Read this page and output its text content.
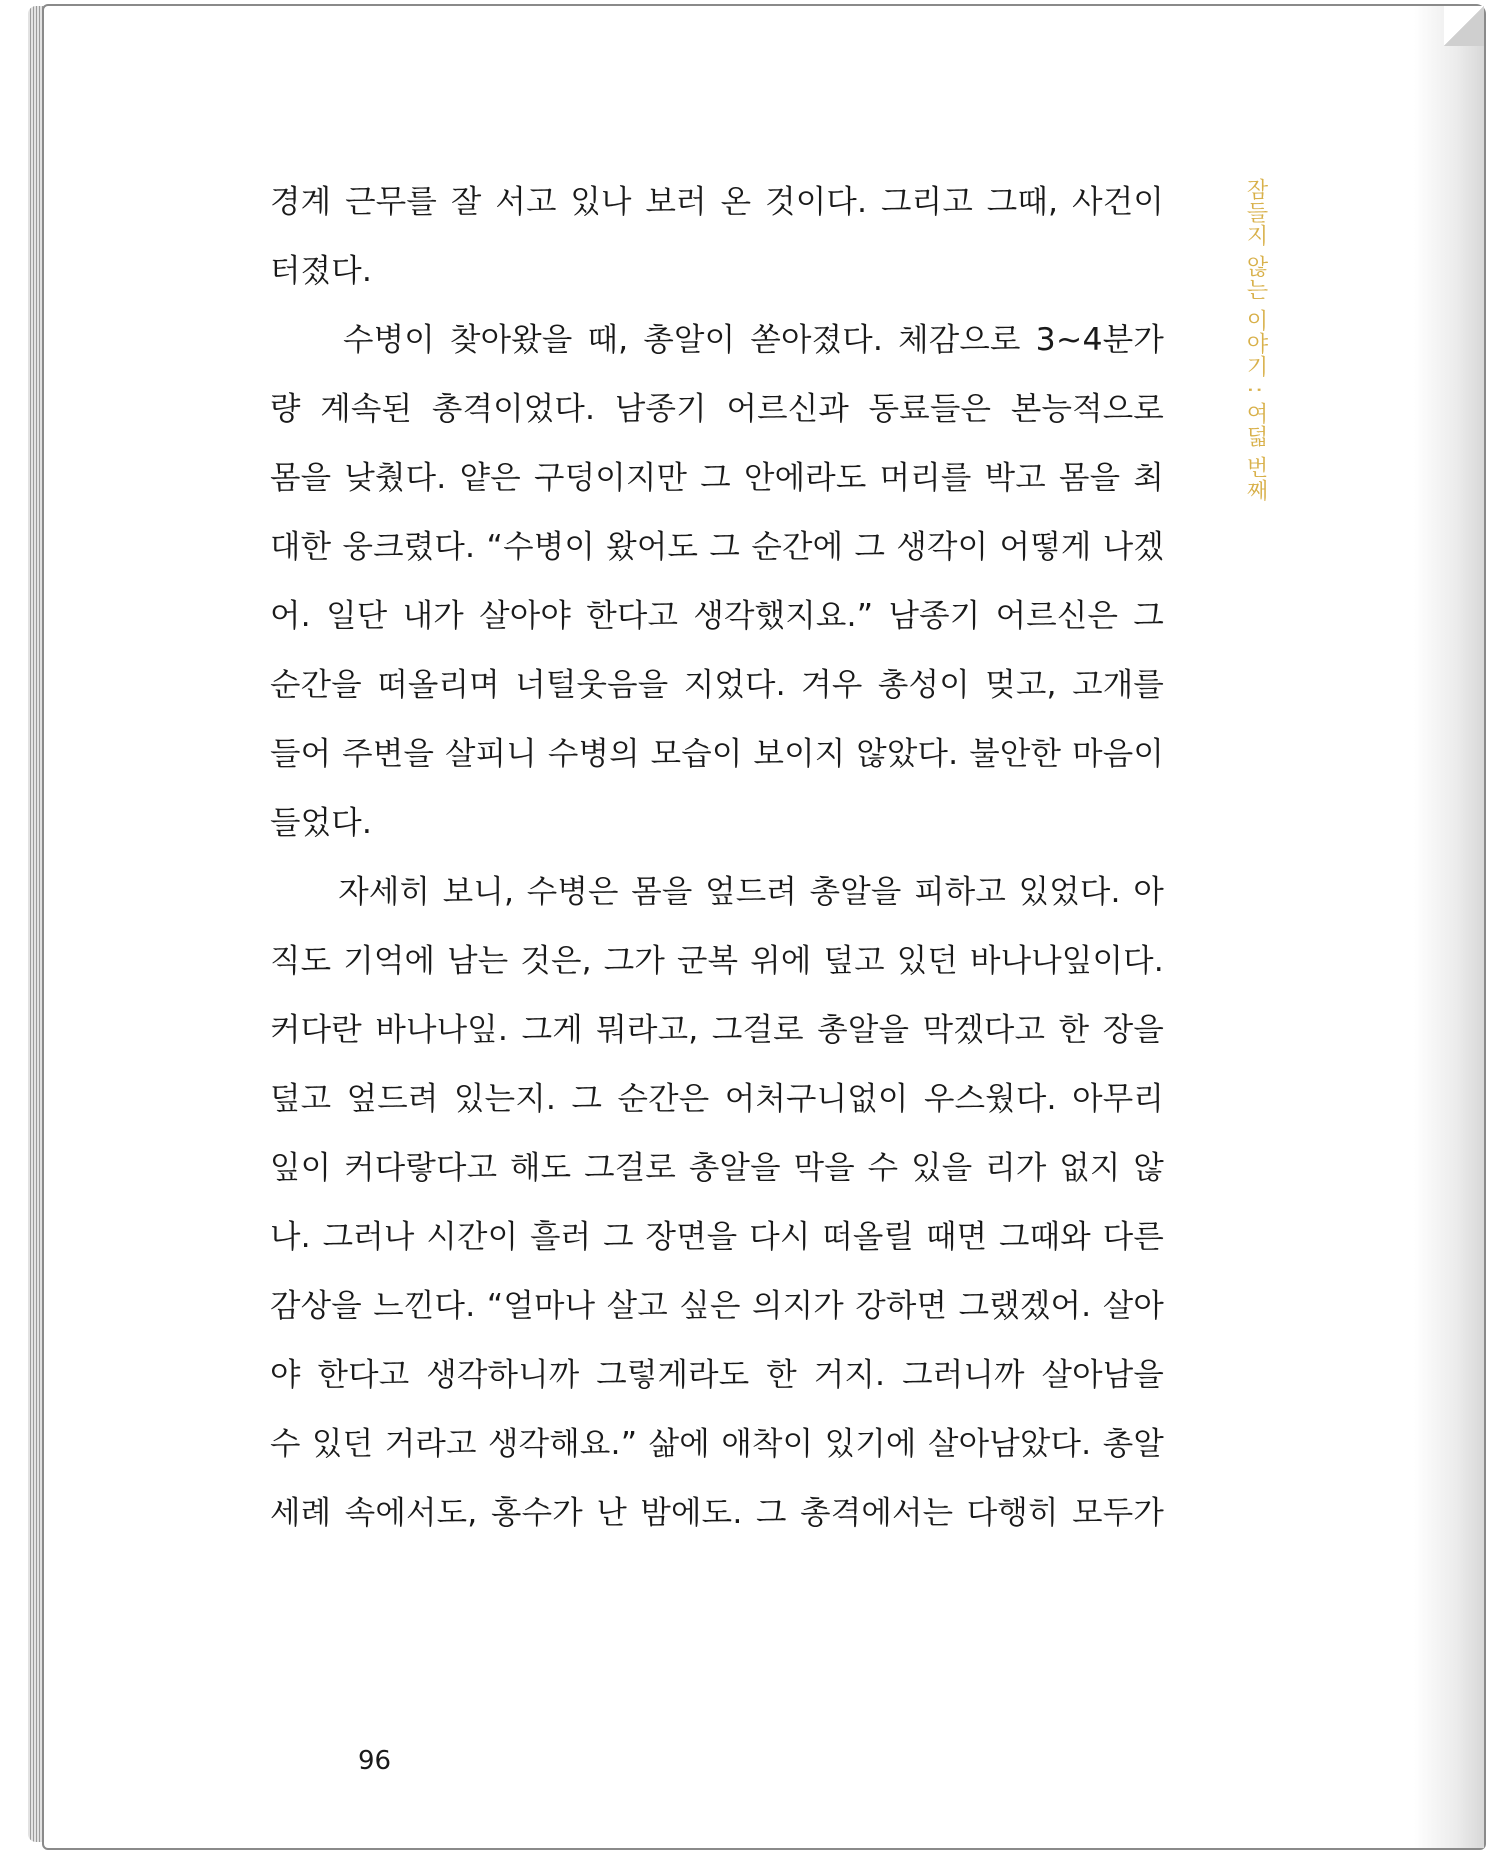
경계 근무를 잘 서고 있나 보러 온 것이다. 그리고 그때, 사건이
터졌다.
　　수병이 찾아왔을 때, 총알이 쏟아졌다. 체감으로 3~4분가
량 계속된 총격이었다. 남종기 어르신과 동료들은 본능적으로
몸을 낮췄다. 얕은 구덩이지만 그 안에라도 머리를 박고 몸을 최
대한 웅크렸다. “수병이 왔어도 그 순간에 그 생각이 어떻게 나겠
어. 일단 내가 살아야 한다고 생각했지요.” 남종기 어르신은 그
순간을 떠올리며 너털웃음을 지었다. 겨우 총성이 멎고, 고개를
들어 주변을 살피니 수병의 모습이 보이지 않았다. 불안한 마음이
들었다.
　　자세히 보니, 수병은 몸을 엎드려 총알을 피하고 있었다. 아
직도 기억에 남는 것은, 그가 군복 위에 덮고 있던 바나나잎이다.
커다란 바나나잎. 그게 뭐라고, 그걸로 총알을 막겠다고 한 장을
덮고 엎드려 있는지. 그 순간은 어처구니없이 우스웠다. 아무리
잎이 커다랗다고 해도 그걸로 총알을 막을 수 있을 리가 없지 않
나. 그러나 시간이 흘러 그 장면을 다시 떠올릴 때면 그때와 다른
감상을 느낀다. “얼마나 살고 싶은 의지가 강하면 그랬겠어. 살아
야 한다고 생각하니까 그렇게라도 한 거지. 그러니까 살아남을
수 있던 거라고 생각해요.” 삶에 애착이 있기에 살아남았다. 총알
세례 속에서도, 홍수가 난 밤에도. 그 총격에서는 다행히 모두가
잠들지 않는 이야기 : 여덟 번째
96
